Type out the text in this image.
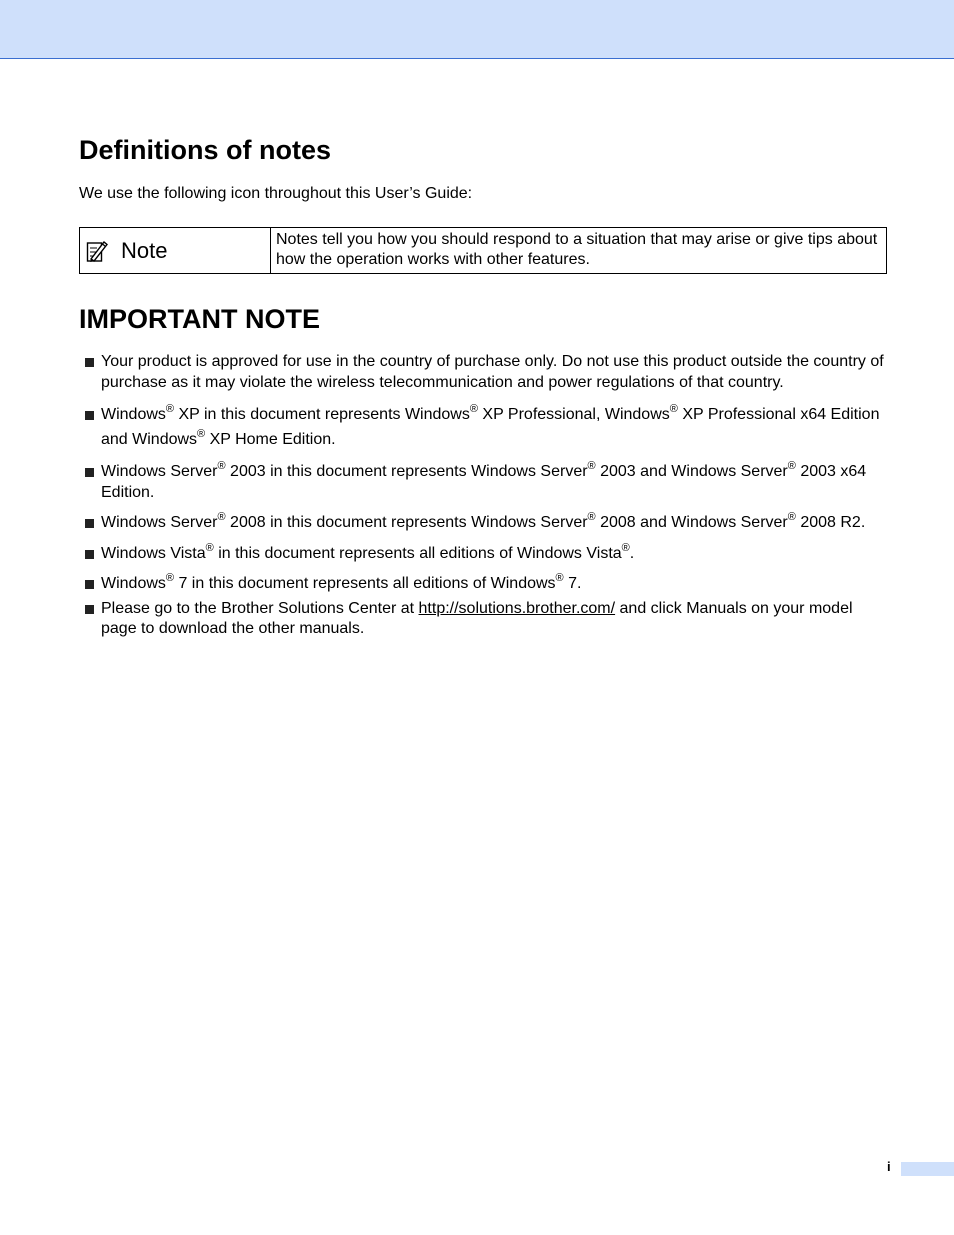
Definitions of notes

We use the following icon throughout this User’s Guide:

Note	Notes tell you how you should respond to a situation that may arise or give tips about how the operation works with other features.
IMPORTANT NOTE
Your product is approved for use in the country of purchase only. Do not use this product outside the country of purchase as it may violate the wireless telecommunication and power regulations of that country.
Windows® XP in this document represents Windows® XP Professional, Windows® XP Professional x64 Edition and Windows® XP Home Edition.
Windows Server® 2003 in this document represents Windows Server® 2003 and Windows Server® 2003 x64 Edition.
Windows Server® 2008 in this document represents Windows Server® 2008 and Windows Server® 2008 R2.
Windows Vista® in this document represents all editions of Windows Vista®.
Windows® 7 in this document represents all editions of Windows® 7.
Please go to the Brother Solutions Center at http://solutions.brother.com/ and click Manuals on your model page to download the other manuals.
i
